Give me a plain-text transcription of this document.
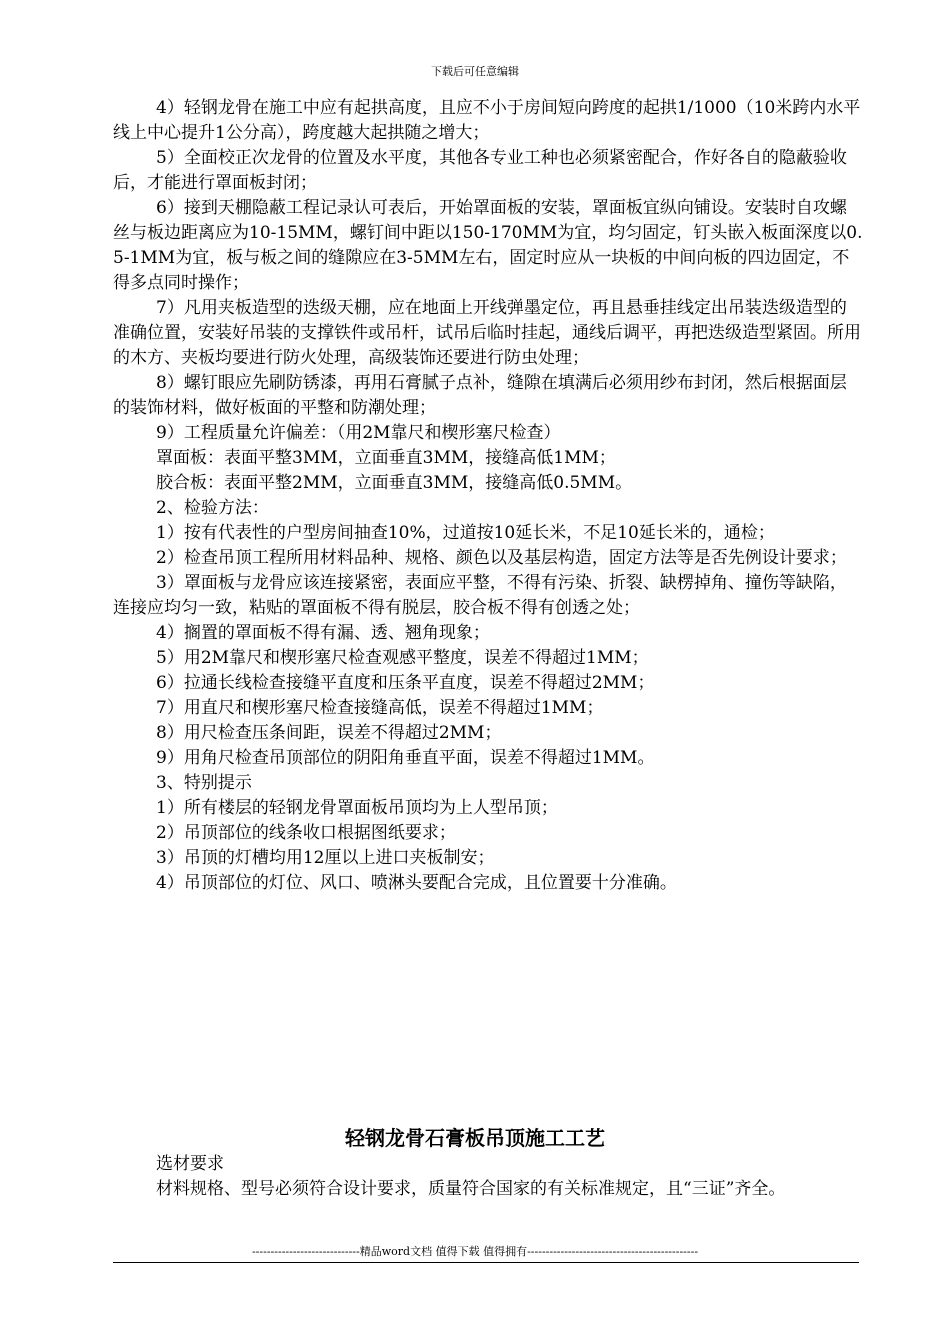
下载后可任意编辑

4）轻钢龙骨在施工中应有起拱高度，且应不小于房间短向跨度的起拱1/1000（10米跨内水平线上中心提升1公分高），跨度越大起拱随之增大；

5）全面校正次龙骨的位置及水平度，其他各专业工种也必须紧密配合，作好各自的隐蔽验收后，才能进行罩面板封闭；

6）接到天棚隐蔽工程记录认可表后，开始罩面板的安装，罩面板宜纵向铺设。安装时自攻螺丝与板边距离应为10-15MM，螺钉间中距以150-170MM为宜，均匀固定，钉头嵌入板面深度以0.5-1MM为宜，板与板之间的缝隙应在3-5MM左右，固定时应从一块板的中间向板的四边固定，不得多点同时操作；

7）凡用夹板造型的迭级天棚，应在地面上开线弹墨定位，再且悬垂挂线定出吊装迭级造型的准确位置，安装好吊装的支撑铁件或吊杆，试吊后临时挂起，通线后调平，再把迭级造型紧固。所用的木方、夹板均要进行防火处理，高级装饰还要进行防虫处理；

8）螺钉眼应先刷防锈漆，再用石膏腻子点补，缝隙在填满后必须用纱布封闭，然后根据面层的装饰材料，做好板面的平整和防潮处理；

9）工程质量允许偏差：（用2M靠尺和楔形塞尺检查）

罩面板：表面平整3MM，立面垂直3MM，接缝高低1MM；

胶合板：表面平整2MM，立面垂直3MM，接缝高低0.5MM。

2、检验方法：

1）按有代表性的户型房间抽查10%，过道按10延长米，不足10延长米的，通检；

2）检查吊顶工程所用材料品种、规格、颜色以及基层构造，固定方法等是否先例设计要求；

3）罩面板与龙骨应该连接紧密，表面应平整，不得有污染、折裂、缺楞掉角、撞伤等缺陷，连接应均匀一致，粘贴的罩面板不得有脱层，胶合板不得有创透之处；

4）搁置的罩面板不得有漏、透、翘角现象；

5）用2M靠尺和楔形塞尺检查观感平整度，误差不得超过1MM；

6）拉通长线检查接缝平直度和压条平直度，误差不得超过2MM；

7）用直尺和楔形塞尺检查接缝高低，误差不得超过1MM；

8）用尺检查压条间距，误差不得超过2MM；

9）用角尺检查吊顶部位的阴阳角垂直平面，误差不得超过1MM。

3、特别提示

1）所有楼层的轻钢龙骨罩面板吊顶均为上人型吊顶；

2）吊顶部位的线条收口根据图纸要求；

3）吊顶的灯槽均用12厘以上进口夹板制安；

4）吊顶部位的灯位、风口、喷淋头要配合完成，且位置要十分准确。

轻钢龙骨石膏板吊顶施工工艺

选材要求

材料规格、型号必须符合设计要求，质量符合国家的有关标准规定，且“三证”齐全。

-----------------------------精品word文档 值得下载 值得拥有----------------------------------------------
